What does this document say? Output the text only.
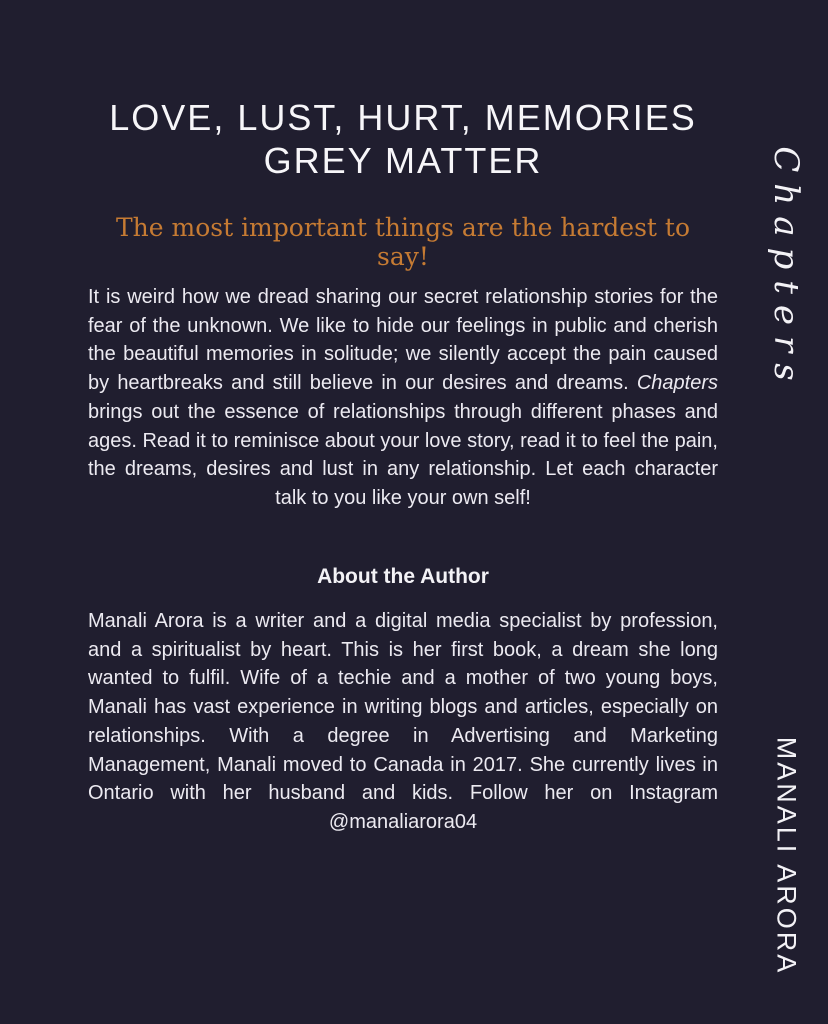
LOVE, LUST, HURT, MEMORIES
GREY MATTER
The most important things are the hardest to say!

It is weird how we dread sharing our secret relationship stories for the fear of the unknown. We like to hide our feelings in public and cherish the beautiful memories in solitude; we silently accept the pain caused by heartbreaks and still believe in our desires and dreams. Chapters brings out the essence of relationships through different phases and ages. Read it to reminisce about your love story, read it to feel the pain, the dreams, desires and lust in any relationship. Let each character talk to you like your own self!

About the Author

Manali Arora is a writer and a digital media specialist by profession, and a spiritualist by heart. This is her first book, a dream she long wanted to fulfil. Wife of a techie and a mother of two young boys, Manali has vast experience in writing blogs and articles, especially on relationships. With a degree in Advertising and Marketing Management, Manali moved to Canada in 2017. She currently lives in Ontario with her husband and kids. Follow her on Instagram @manaliarora04

Chapters
MANALI ARORA
